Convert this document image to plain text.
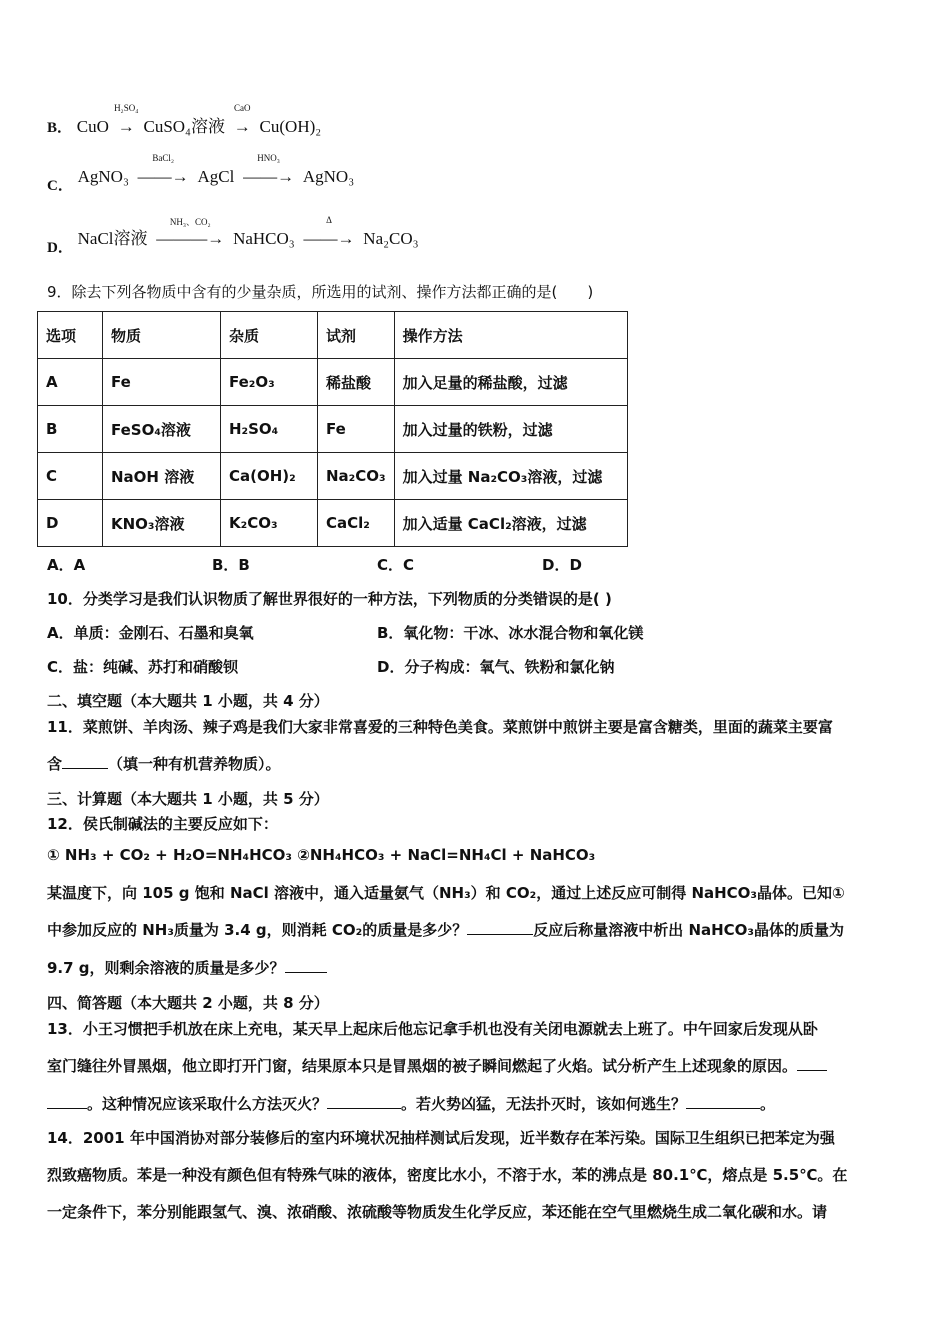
B． CuO
H₂SO₄
→ CuSO₄溶液
CaO
→ Cu(OH)₂
C． AgNO₃
BaCl₂
——→ AgCl
HNO₃
——→ AgNO₃
D． NaCl溶液
NH₃、CO₂
———→ NaHCO₃
Δ
——→ Na₂CO₃
9．除去下列各物质中含有的少量杂质，所选用的试剂、操作方法都正确的是(　　)
选项	物质	杂质	试剂	操作方法
A	Fe	Fe₂O₃	稀盐酸	加入足量的稀盐酸，过滤
B	FeSO₄溶液	H₂SO₄	Fe	加入过量的铁粉，过滤
C	NaOH 溶液	Ca(OH)₂	Na₂CO₃	加入过量 Na₂CO₃溶液，过滤
D	KNO₃溶液	K₂CO₃	CaCl₂	加入适量 CaCl₂溶液，过滤
A．A	B．B	C．C	D．D
10．分类学习是我们认识物质了解世界很好的一种方法，下列物质的分类错误的是( )
A．单质：金刚石、石墨和臭氧	B．氧化物：干冰、冰水混合物和氧化镁
C．盐：纯碱、苏打和硝酸钡	D．分子构成：氧气、铁粉和氯化钠
二、填空题（本大题共 1 小题，共 4 分）
11．菜煎饼、羊肉汤、辣子鸡是我们大家非常喜爱的三种特色美食。菜煎饼中煎饼主要是富含糖类，里面的蔬菜主要富
含	（填一种有机营养物质）。
三、计算题（本大题共 1 小题，共 5 分）
12．侯氏制碱法的主要反应如下：
① NH₃ + CO₂ + H₂O=NH₄HCO₃ ②NH₄HCO₃ + NaCl=NH₄Cl + NaHCO₃
某温度下，向 105 g 饱和 NaCl 溶液中，通入适量氨气（NH₃）和 CO₂，通过上述反应可制得 NaHCO₃晶体。已知①
中参加反应的 NH₃质量为 3.4 g，则消耗 CO₂的质量是多少？	反应后称量溶液中析出 NaHCO₃晶体的质量为
9.7 g，则剩余溶液的质量是多少？
四、简答题（本大题共 2 小题，共 8 分）
13．小王习惯把手机放在床上充电，某天早上起床后他忘记拿手机也没有关闭电源就去上班了。中午回家后发现从卧
室门缝往外冒黑烟，他立即打开门窗，结果原本只是冒黑烟的被子瞬间燃起了火焰。试分析产生上述现象的原因。
。这种情况应该采取什么方法灭火？	。若火势凶猛，无法扑灭时，该如何逃生？	。
14．2001 年中国消协对部分装修后的室内环境状况抽样测试后发现，近半数存在苯污染。国际卫生组织已把苯定为强
烈致癌物质。苯是一种没有颜色但有特殊气味的液体，密度比水小，不溶于水，苯的沸点是 80.1℃，熔点是 5.5℃。在
一定条件下，苯分别能跟氢气、溴、浓硝酸、浓硫酸等物质发生化学反应，苯还能在空气里燃烧生成二氧化碳和水。请
